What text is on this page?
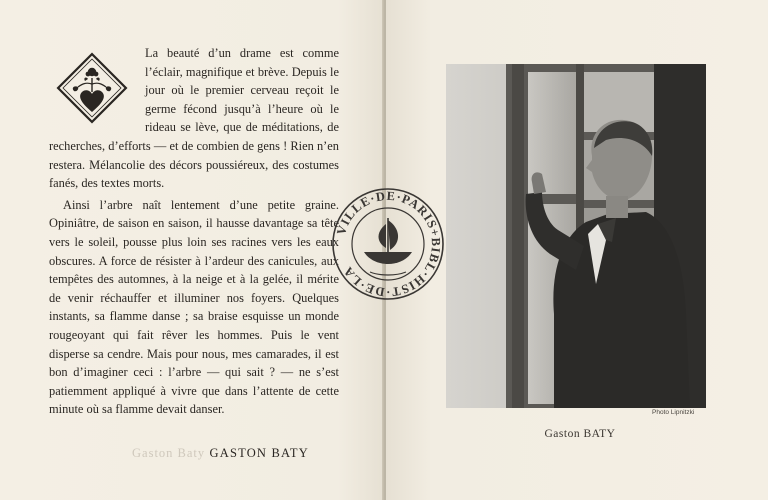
La beauté d’un drame est comme l’éclair, magnifique et brève. Depuis le jour où le premier cerveau reçoit le germe fécond jusqu’à l’heure où le rideau se lève, que de méditations, de recherches, d’efforts — et de combien de gens ! Rien n’en restera. Mélancolie des décors poussiéreux, des costumes fanés, des textes morts.

Ainsi l’arbre naît lentement d’une petite graine. Opiniâtre, de saison en saison, il hausse davantage sa tête vers le soleil, pousse plus loin ses racines vers les eaux obscures. A force de résister à l’ardeur des canicules, aux tempêtes des automnes, à la neige et à la gelée, il mérite de venir réchauffer et illuminer nos foyers. Quelques instants, sa flamme danse ; sa braise esquisse un monde rougeoyant qui fait rêver les hommes. Puis le vent disperse sa cendre. Mais pour nous, mes camarades, il est bon d’imaginer ceci : l’arbre — qui sait ? — ne s’est patiemment appliqué à vivre que dans l’attente de cette minute où sa flamme devait danser.

Gaston Baty GASTON BATY
Photo Lipnitzki
Gaston BATY
VILLE·DE·PARIS+BIBL·HIST·DE·LA
